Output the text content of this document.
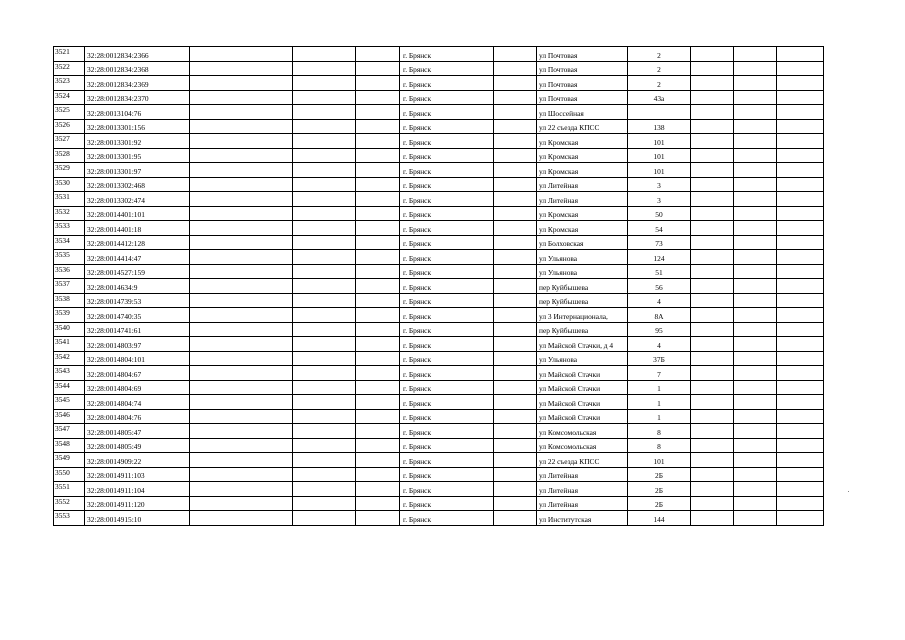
3521	32:28:0012834:2366				г. Брянск		ул Почтовая	2			
3522	32:28:0012834:2368				г. Брянск		ул Почтовая	2			
3523	32:28:0012834:2369				г. Брянск		ул Почтовая	2			
3524	32:28:0012834:2370				г. Брянск		ул Почтовая	43а			
3525	32:28:0013104:76				г. Брянск		ул Шоссейная				
3526	32:28:0013301:156				г. Брянск		ул 22 съезда КПСС	138			
3527	32:28:0013301:92				г. Брянск		ул Кромская	101			
3528	32:28:0013301:95				г. Брянск		ул Кромская	101			
3529	32:28:0013301:97				г. Брянск		ул Кромская	101			
3530	32:28:0013302:468				г. Брянск		ул Литейная	3			
3531	32:28:0013302:474				г. Брянск		ул Литейная	3			
3532	32:28:0014401:101				г. Брянск		ул Кромская	50			
3533	32:28:0014401:18				г. Брянск		ул Кромская	54			
3534	32:28:0014412:128				г. Брянск		ул Болховская	73			
3535	32:28:0014414:47				г. Брянск		ул Ульянова	124			
3536	32:28:0014527:159				г. Брянск		ул Ульянова	51			
3537	32:28:0014634:9				г. Брянск		пер Куйбышева	56			
3538	32:28:0014739:53				г. Брянск		пер Куйбышева	4			
3539	32:28:0014740:35				г. Брянск		ул 3 Интернационала,	8А			
3540	32:28:0014741:61				г. Брянск		пер Куйбышева	95			
3541	32:28:0014803:97				г. Брянск		ул Майской Стачки, д 4	4			
3542	32:28:0014804:101				г. Брянск		ул Ульянова	37Б			
3543	32:28:0014804:67				г. Брянск		ул Майской Стачки	7			
3544	32:28:0014804:69				г. Брянск		ул Майской Стачки	1			
3545	32:28:0014804:74				г. Брянск		ул Майской Стачки	1			
3546	32:28:0014804:76				г. Брянск		ул Майской Стачки	1			
3547	32:28:0014805:47				г. Брянск		ул Комсомольская	8			
3548	32:28:0014805:49				г. Брянск		ул Комсомольская	8			
3549	32:28:0014909:22				г. Брянск		ул 22 съезда КПСС	101			
3550	32:28:0014911:103				г. Брянск		ул Литейная	2Б			
3551	32:28:0014911:104				г. Брянск		ул Литейная	2Б			
3552	32:28:0014911:120				г. Брянск		ул Литейная	2Б			
3553	32:28:0014915:10				г. Брянск		ул Институтская	144			
